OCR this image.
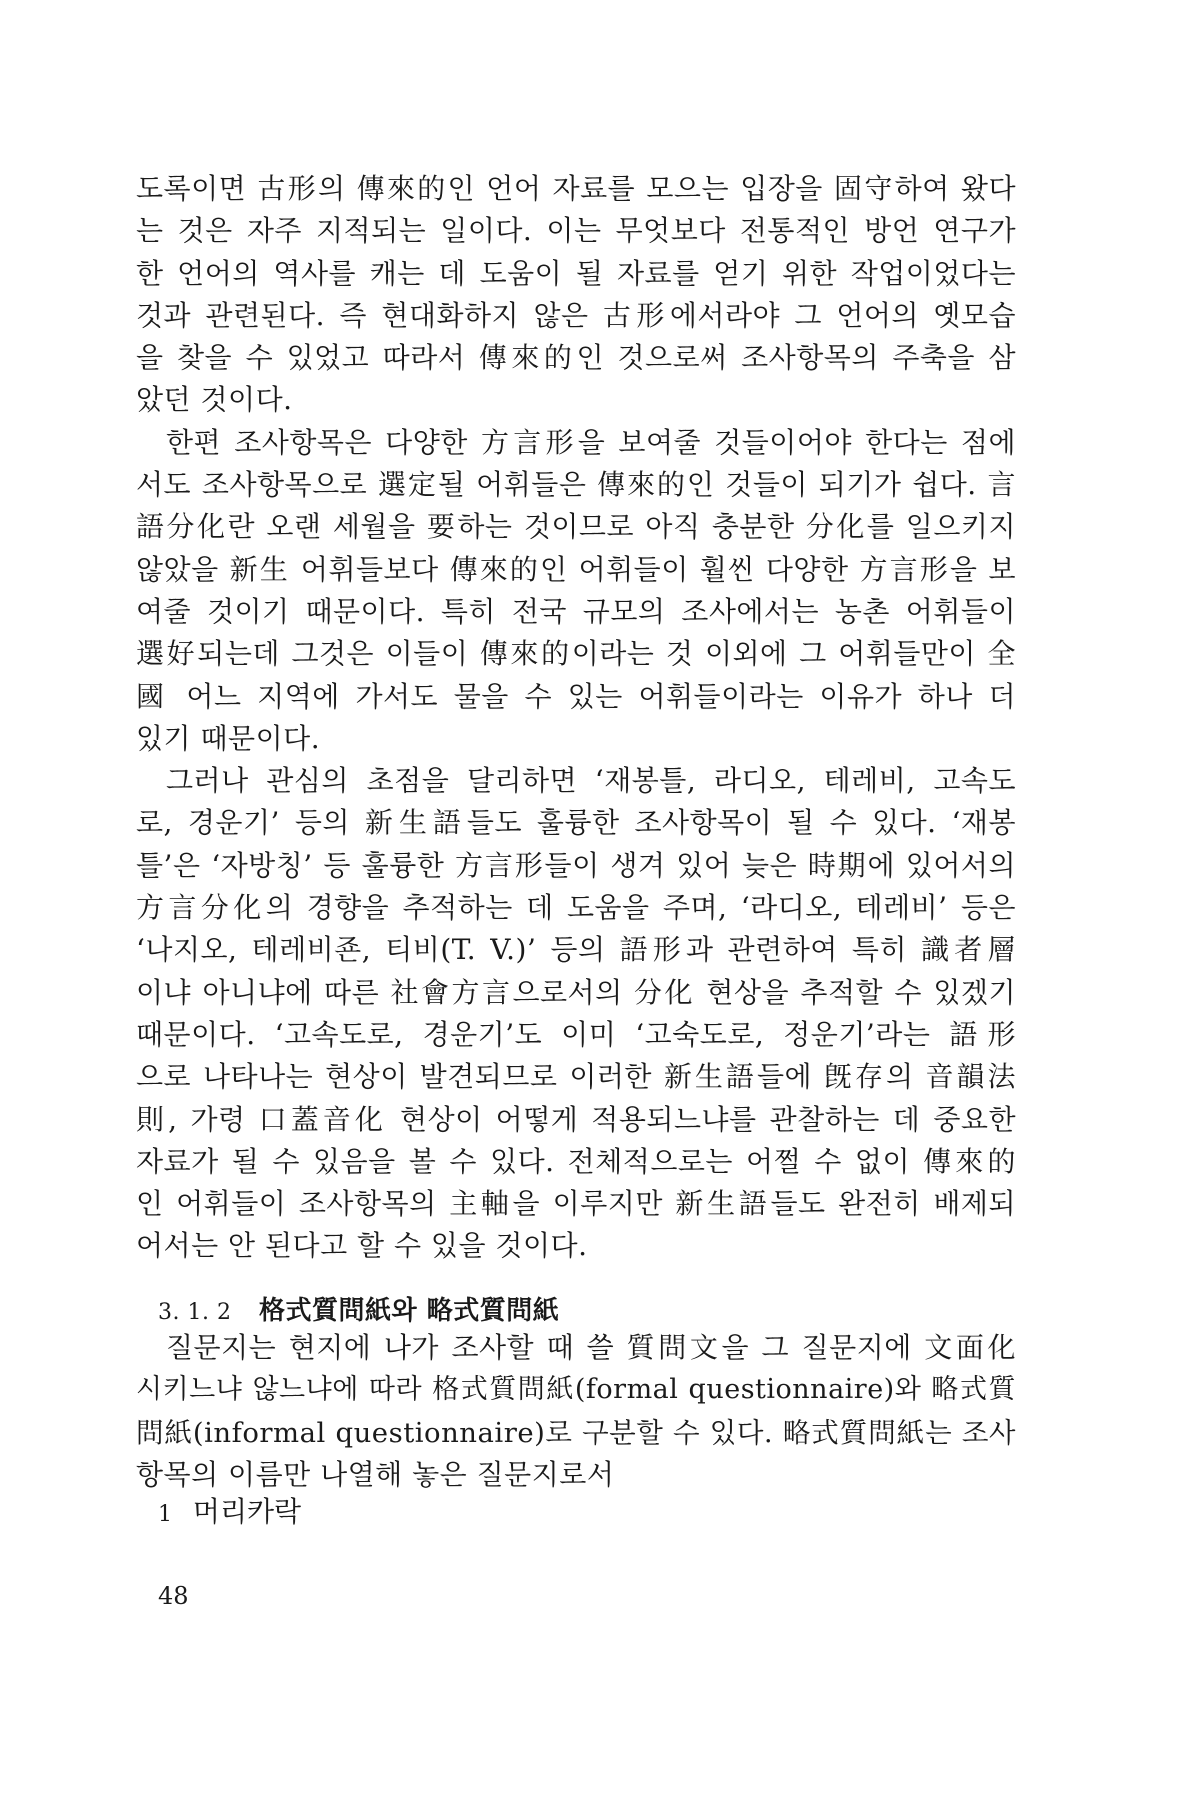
도록이면 古形의 傳來的인 언어 자료를 모으는 입장을 固守하여 왔다
는 것은 자주 지적되는 일이다. 이는 무엇보다 전통적인 방언 연구가
한 언어의 역사를 캐는 데 도움이 될 자료를 얻기 위한 작업이었다는
것과 관련된다. 즉 현대화하지 않은 古形에서라야 그 언어의 옛모습
을 찾을 수 있었고 따라서 傳來的인 것으로써 조사항목의 주축을 삼
았던 것이다.
한편 조사항목은 다양한 方言形을 보여줄 것들이어야 한다는 점에
서도 조사항목으로 選定될 어휘들은 傳來的인 것들이 되기가 쉽다. 言
語分化란 오랜 세월을 要하는 것이므로 아직 충분한 分化를 일으키지
않았을 新生 어휘들보다 傳來的인 어휘들이 훨씬 다양한 方言形을 보
여줄 것이기 때문이다. 특히 전국 규모의 조사에서는 농촌 어휘들이
選好되는데 그것은 이들이 傳來的이라는 것 이외에 그 어휘들만이 全
國 어느 지역에 가서도 물을 수 있는 어휘들이라는 이유가 하나 더
있기 때문이다.
그러나 관심의 초점을 달리하면 ‘재봉틀, 라디오, 테레비, 고속도
로, 경운기’ 등의 新生語들도 훌륭한 조사항목이 될 수 있다. ‘재봉
틀’은 ‘자방칭’ 등 훌륭한 方言形들이 생겨 있어 늦은 時期에 있어서의
方言分化의 경향을 추적하는 데 도움을 주며, ‘라디오, 테레비’ 등은
‘나지오, 테레비죤, 티비(T. V.)’ 등의 語形과 관련하여 특히 識者層
이냐 아니냐에 따른 社會方言으로서의 分化 현상을 추적할 수 있겠기
때문이다. ‘고속도로, 경운기’도 이미 ‘고숙도로, 정운기’라는 語形
으로 나타나는 현상이 발견되므로 이러한 新生語들에 旣存의 音韻法
則, 가령 口蓋音化 현상이 어떻게 적용되느냐를 관찰하는 데 중요한
자료가 될 수 있음을 볼 수 있다. 전체적으로는 어쩔 수 없이 傳來的
인 어휘들이 조사항목의 主軸을 이루지만 新生語들도 완전히 배제되
어서는 안 된다고 할 수 있을 것이다.
3. 1. 2 格式質問紙와 略式質問紙
질문지는 현지에 나가 조사할 때 쓸 質問文을 그 질문지에 文面化
시키느냐 않느냐에 따라 格式質問紙(formal questionnaire)와 略式質
問紙(informal questionnaire)로 구분할 수 있다. 略式質問紙는 조사
항목의 이름만 나열해 놓은 질문지로서
1 머리카락
48
